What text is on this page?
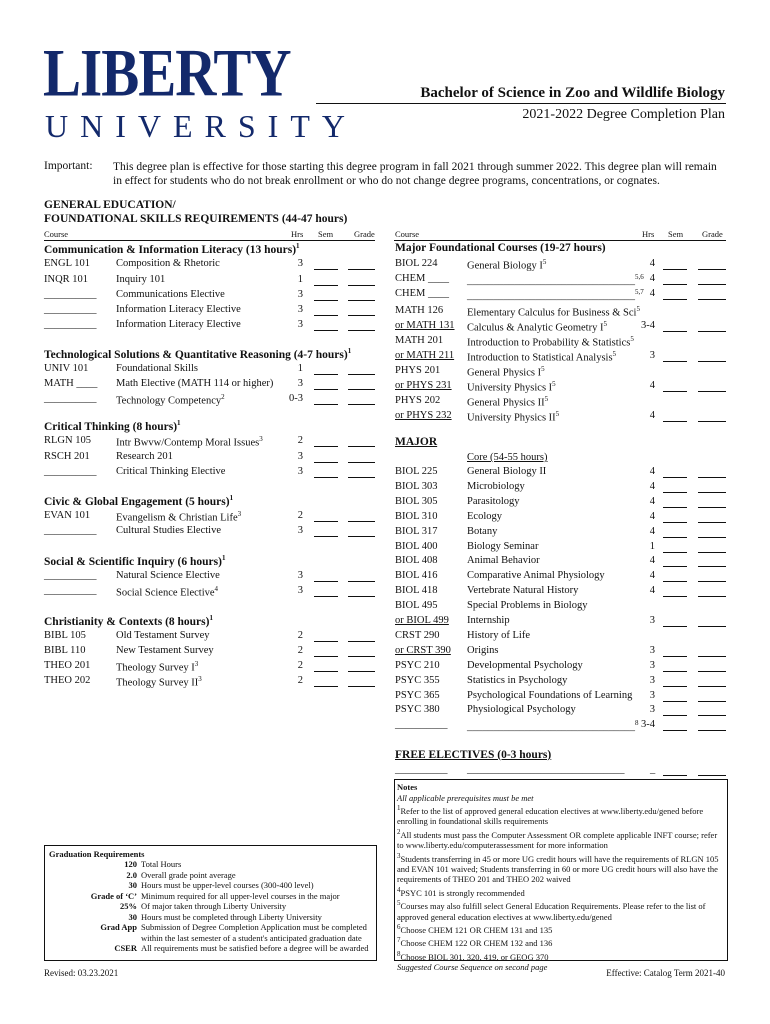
LIBERTY
UNIVERSITY
Bachelor of Science in Zoo and Wildlife Biology
2021-2022 Degree Completion Plan
Important: This degree plan is effective for those starting this degree program in fall 2021 through summer 2022. This degree plan will remain in effect for students who do not break enrollment or who do not change degree programs, concentrations, or cognates.
GENERAL EDUCATION/
FOUNDATIONAL SKILLS REQUIREMENTS (44-47 hours)
Course	Hrs Sem Grade Course	Hrs Sem Grade
Communication & Information Literacy (13 hours)$^1$
ENGL 101 Composition & Rhetoric	3
INQR 101	Inquiry 101	1
__________ Communications Elective	3
__________ Information Literacy Elective	3
__________ Information Literacy Elective	3
Technological Solutions & Quantitative Reasoning (4-7 hours)$^1$
UNIV 101	Foundational Skills	1
MATH ____ Math Elective (MATH 114 or higher) 3
__________ Technology Competency$^2$	0-3
Critical Thinking (8 hours)$^1$
RLGN 105 Intr Bwvw/Contemp Moral Issues$^3$	2
RSCH 201 Research 201	3
__________ Critical Thinking Elective	3
Civic & Global Engagement (5 hours)$^1$
EVAN 101 Evangelism & Christian Life$^3$	2
__________ Cultural Studies Elective	3
Social & Scientific Inquiry (6 hours)$^1$
__________ Natural Science Elective	3
__________ Social Science Elective$^4$	3
Christianity & Contexts (8 hours)$^1$
BIBL 105	Old Testament Survey	2
BIBL 110	New Testament Survey	2
THEO 201 Theology Survey $I^3$	2
THEO 202 Theology Survey $II^3$	2
Major Foundational Courses (19-27 hours)
BIOL 224	General Biology $I^5$	4
CHEM ____ ________________________________$^{5,6}$ 4
CHEM ____ ________________________________$^{5,7}$ 4
MATH 126 Elementary Calculus for Business & Sci$^5$
or MATH 131 Calculus & Analytic Geometry $I^5$	3-4
MATH 201 Introduction to Probability & Statistics$^5$
or MATH 211 Introduction to Statistical Analysis$^5$	3
PHYS 201	General Physics $I^5$
or PHYS 231 University Physics $I^5$	4
PHYS 202	General Physics $II^5$
or PHYS 232 University Physics $II^5$	4
MAJOR
Core (54-55 hours)
BIOL 225	General Biology II	4
BIOL 303	Microbiology	4
BIOL 305	Parasitology	4
BIOL 310	Ecology	4
BIOL 317	Botany	4
BIOL 400	Biology Seminar	1
BIOL 408	Animal Behavior	4
BIOL 416	Comparative Animal Physiology	4
BIOL 418	Vertebrate Natural History	4
BIOL 495	Special Problems in Biology
or BIOL 499 Internship	3
CRST 290	History of Life
or CRST 390 Origins	3
PSYC 210	Developmental Psychology	3
PSYC 355	Statistics in Psychology	3
PSYC 365	Psychological Foundations of Learning 3
PSYC 380	Physiological Psychology	3
__________ ________________________________$^8$ 3-4
FREE ELECTIVES (0-3 hours)
__________ ______________________________ _
Notes
All applicable prerequisites must be met
$^1$Refer to the list of approved general education electives at www.liberty.edu/gened before enrolling in foundational skills requirements
$^2$All students must pass the Computer Assessment OR complete applicable INFT course; refer to www.liberty.edu/computerassessment for more information
$^3$Students transferring in 45 or more UG credit hours will have the requirements of RLGN 105 and EVAN 101 waived; Students transferring in 60 or more UG credit hours will also have the requirements of THEO 201 and THEO 202 waived
$^4$PSYC 101 is strongly recommended
$^5$Courses may also fulfill select General Education Requirements. Please refer to the list of approved general education electives at www.liberty.edu/gened
$^6$Choose CHEM 121 OR CHEM 131 and 135
$^7$Choose CHEM 122 OR CHEM 132 and 136
$^8$Choose BIOL 301, 320, 419, or GEOG 370
Suggested Course Sequence on second page
Graduation Requirements
120 Total Hours
2.0 Overall grade point average
30 Hours must be upper-level courses (300-400 level)
Grade of ‘C’ Minimum required for all upper-level courses in the major
25% Of major taken through Liberty University
30 Hours must be completed through Liberty University
Grad App Submission of Degree Completion Application must be completed within the last semester of a student's anticipated graduation date
CSER All requirements must be satisfied before a degree will be awarded
Revised: 03.23.2021	Effective: Catalog Term 2021-40
